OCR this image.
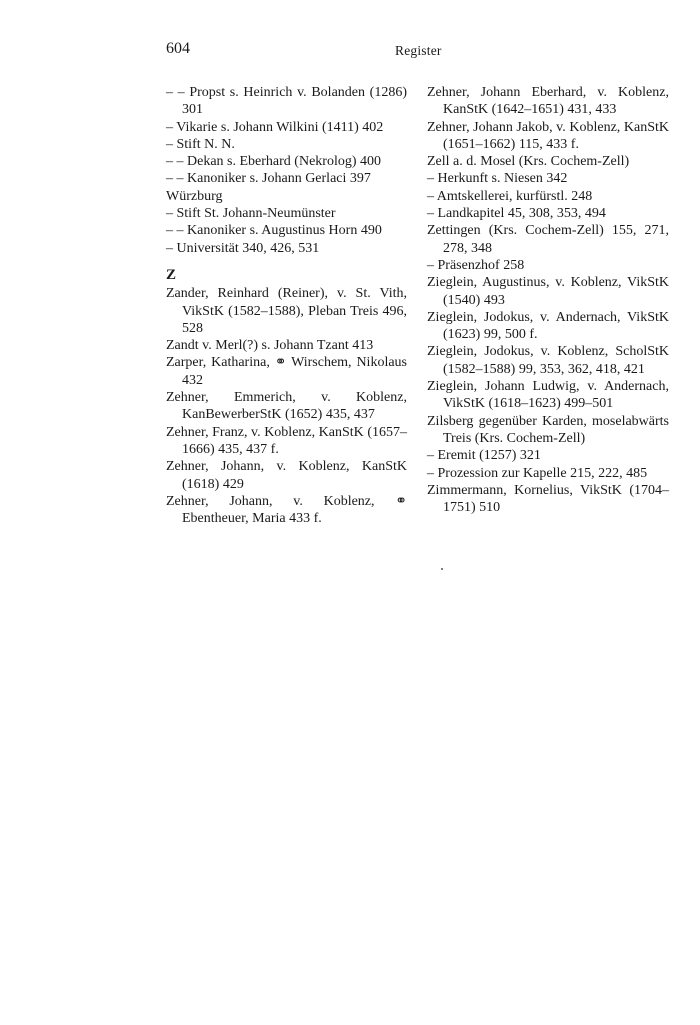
604	Register

– – Propst s. Heinrich v. Bolanden (1286) 301

– Vikarie s. Johann Wilkini (1411) 402

– Stift N. N.

– – Dekan s. Eberhard (Nekrolog) 400

– – Kanoniker s. Johann Gerlaci 397

Würzburg

– Stift St. Johann-Neumünster

– – Kanoniker s. Augustinus Horn 490

– Universität 340, 426, 531

Z

Zander, Reinhard (Reiner), v. St. Vith, VikStK (1582–1588), Pleban Treis 496, 528

Zandt v. Merl(?) s. Johann Tzant 413

Zarper, Katharina, ⚭ Wirschem, Nikolaus 432

Zehner, Emmerich, v. Koblenz, KanBewerberStK (1652) 435, 437

Zehner, Franz, v. Koblenz, KanStK (1657–1666) 435, 437 f.

Zehner, Johann, v. Koblenz, KanStK (1618) 429

Zehner, Johann, v. Koblenz, ⚭ Ebentheuer, Maria 433 f.

Zehner, Johann Eberhard, v. Koblenz, KanStK (1642–1651) 431, 433

Zehner, Johann Jakob, v. Koblenz, KanStK (1651–1662) 115, 433 f.

Zell a. d. Mosel (Krs. Cochem-Zell)

– Herkunft s. Niesen 342

– Amtskellerei, kurfürstl. 248

– Landkapitel 45, 308, 353, 494

Zettingen (Krs. Cochem-Zell) 155, 271, 278, 348

– Präsenzhof 258

Zieglein, Augustinus, v. Koblenz, VikStK (1540) 493

Zieglein, Jodokus, v. Andernach, VikStK (1623) 99, 500 f.

Zieglein, Jodokus, v. Koblenz, ScholStK (1582–1588) 99, 353, 362, 418, 421

Zieglein, Johann Ludwig, v. Andernach, VikStK (1618–1623) 499–501

Zilsberg gegenüber Karden, moselabwärts Treis (Krs. Cochem-Zell)

– Eremit (1257) 321

– Prozession zur Kapelle 215, 222, 485

Zimmermann, Kornelius, VikStK (1704–1751) 510
